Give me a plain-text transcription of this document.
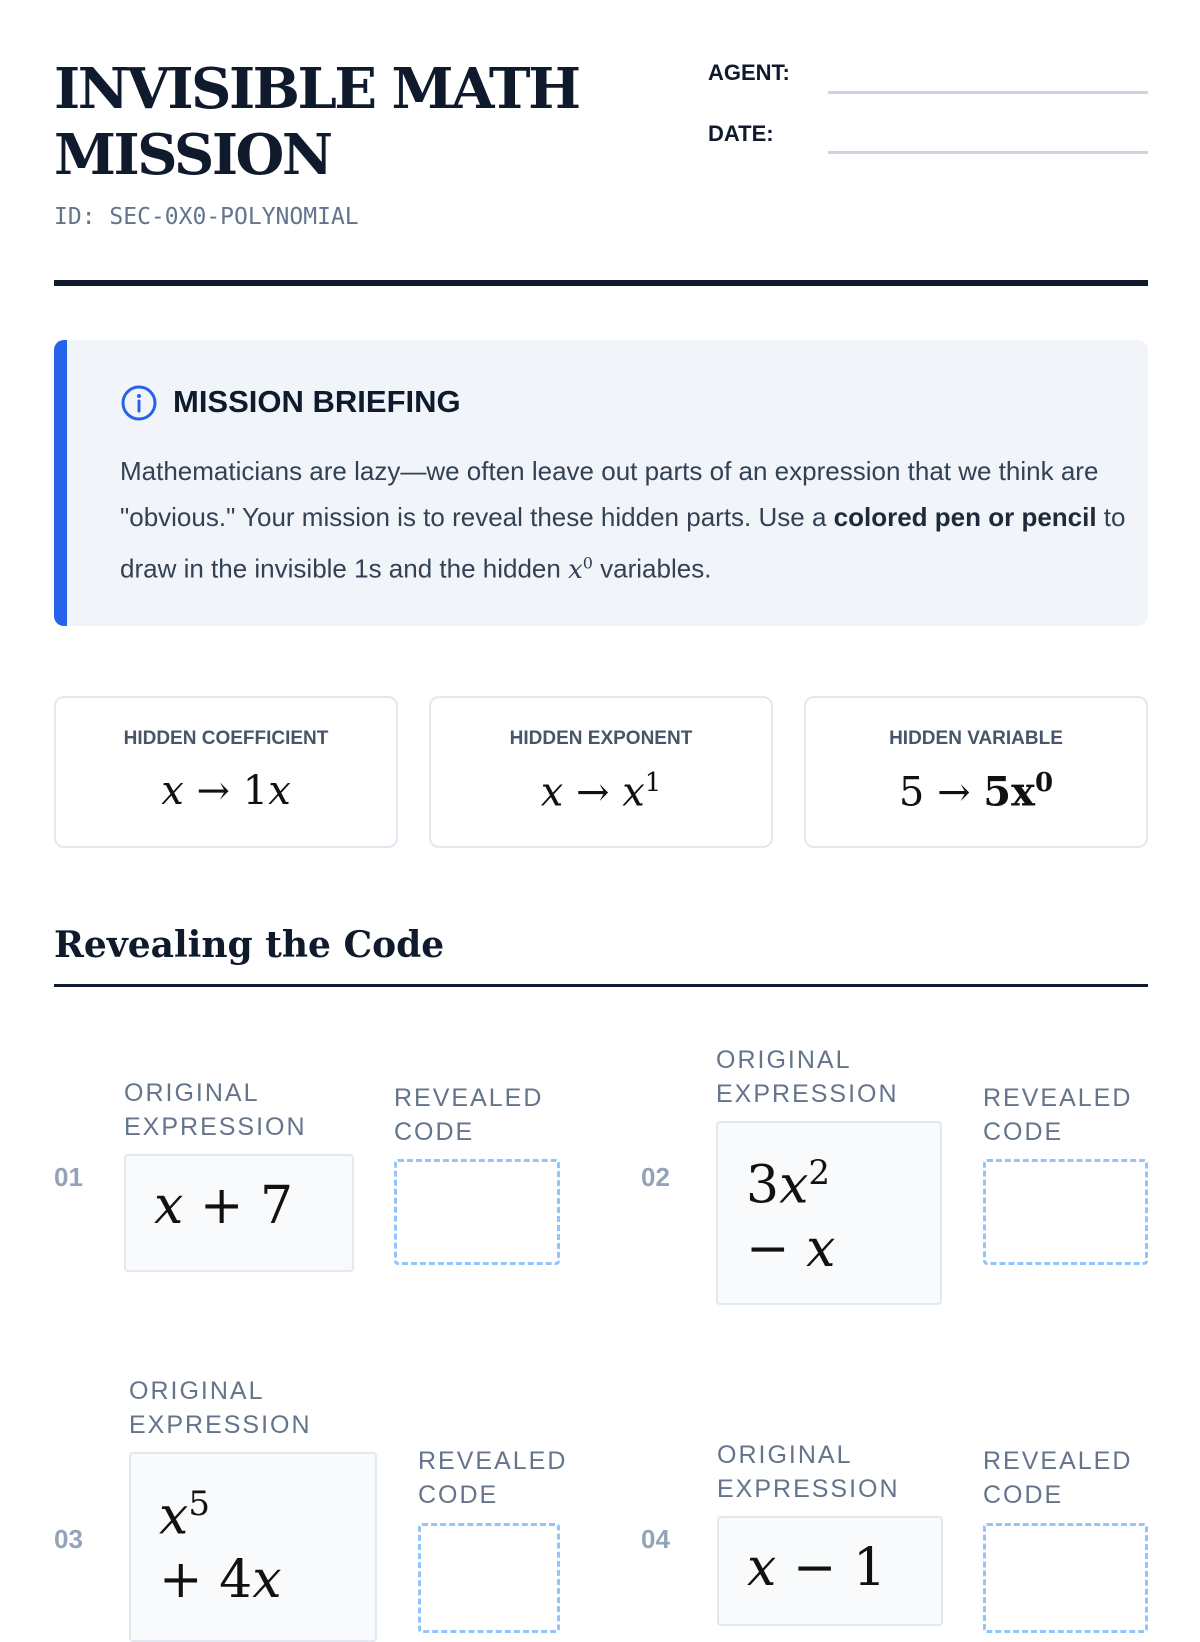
INVISIBLE MATH
MISSION
ID: SEC-0X0-POLYNOMIAL
AGENT:
DATE:
MISSION BRIEFING

Mathematicians are lazy—we often leave out parts of an expression that we think are "obvious." Your mission is to reveal these hidden parts. Use a colored pen or pencil to draw in the invisible 1s and the hidden $x^0$ variables.

HIDDEN COEFFICIENT
x → 1x
HIDDEN EXPONENT
$x \to x^1$
HIDDEN VARIABLE
$5 \to 5x^0$
Revealing the Code
01
ORIGINAL EXPRESSION
x + 7
REVEALED CODE
02
ORIGINAL EXPRESSION
$3x^2$
− x
REVEALED CODE
03
ORIGINAL EXPRESSION
$x^5$
+ 4x
REVEALED CODE
04
ORIGINAL EXPRESSION
x − 1
REVEALED CODE
